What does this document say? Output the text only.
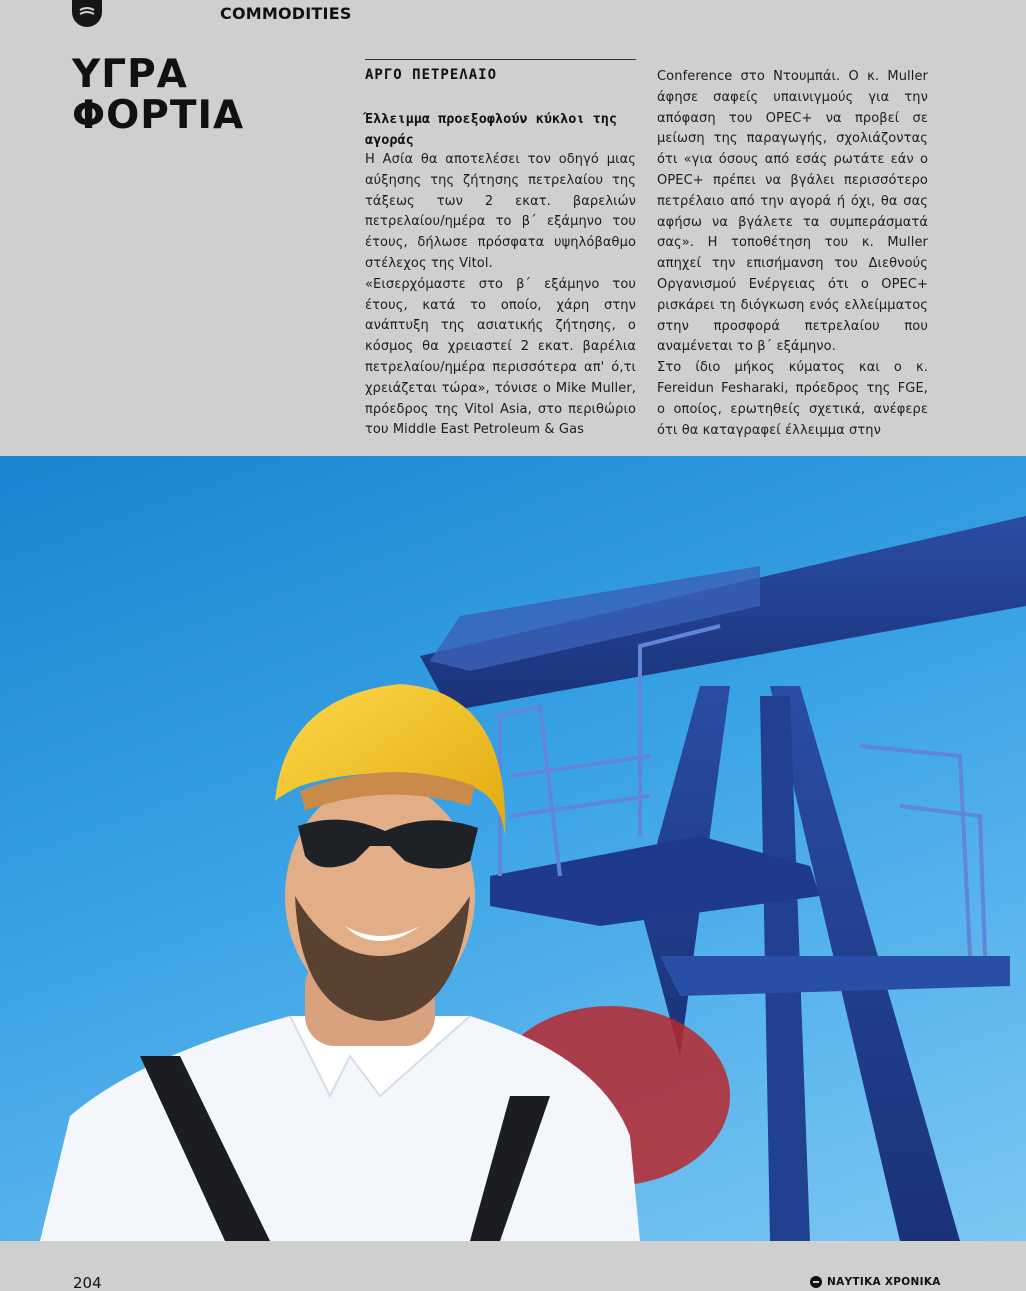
COMMODITIES
ΥΓΡΑ
ΦΟΡΤΙΑ
ΑΡΓΟ ΠΕΤΡΕΛΑΙΟ
Έλλειμμα προεξοφλούν κύκλοι της αγοράς

Η Ασία θα αποτελέσει τον οδηγό μιας αύξησης της ζήτησης πετρελαίου της τάξεως των 2 εκατ. βαρελιών πετρελαίου/ημέρα το β΄ εξάμηνο του έτους, δήλωσε πρόσφατα υψηλόβαθμο στέλεχος της Vitol.

«Εισερχόμαστε στο β΄ εξάμηνο του έτους, κατά το οποίο, χάρη στην ανάπτυξη της ασιατικής ζήτησης, ο κόσμος θα χρειαστεί 2 εκατ. βαρέλια πετρελαίου/ημέρα περισσότερα απ' ό,τι χρειάζεται τώρα», τόνισε ο Mike Muller, πρόεδρος της Vitol Asia, στο περιθώριο του Middle East Petroleum & Gas

Conference στο Ντουμπάι. Ο κ. Muller άφησε σαφείς υπαινιγμούς για την απόφαση του OPEC+ να προβεί σε μείωση της παραγωγής, σχολιάζοντας ότι «για όσους από εσάς ρωτάτε εάν ο OPEC+ πρέπει να βγάλει περισσότερο πετρέλαιο από την αγορά ή όχι, θα σας αφήσω να βγάλετε τα συμπεράσματά σας». Η τοποθέτηση του κ. Muller απηχεί την επισήμανση του Διεθνούς Οργανισμού Ενέργειας ότι ο OPEC+ ρισκάρει τη διόγκωση ενός ελλείμματος στην προσφορά πετρελαίου που αναμένεται το β΄ εξάμηνο.

Στο ίδιο μήκος κύματος και ο κ. Fereidun Fesharaki, πρόεδρος της FGE, ο οποίος, ερωτηθείς σχετικά, ανέφερε ότι θα καταγραφεί έλλειμμα στην

204	ΝΑΥΤΙΚΑ ΧΡΟΝΙΚΑ
